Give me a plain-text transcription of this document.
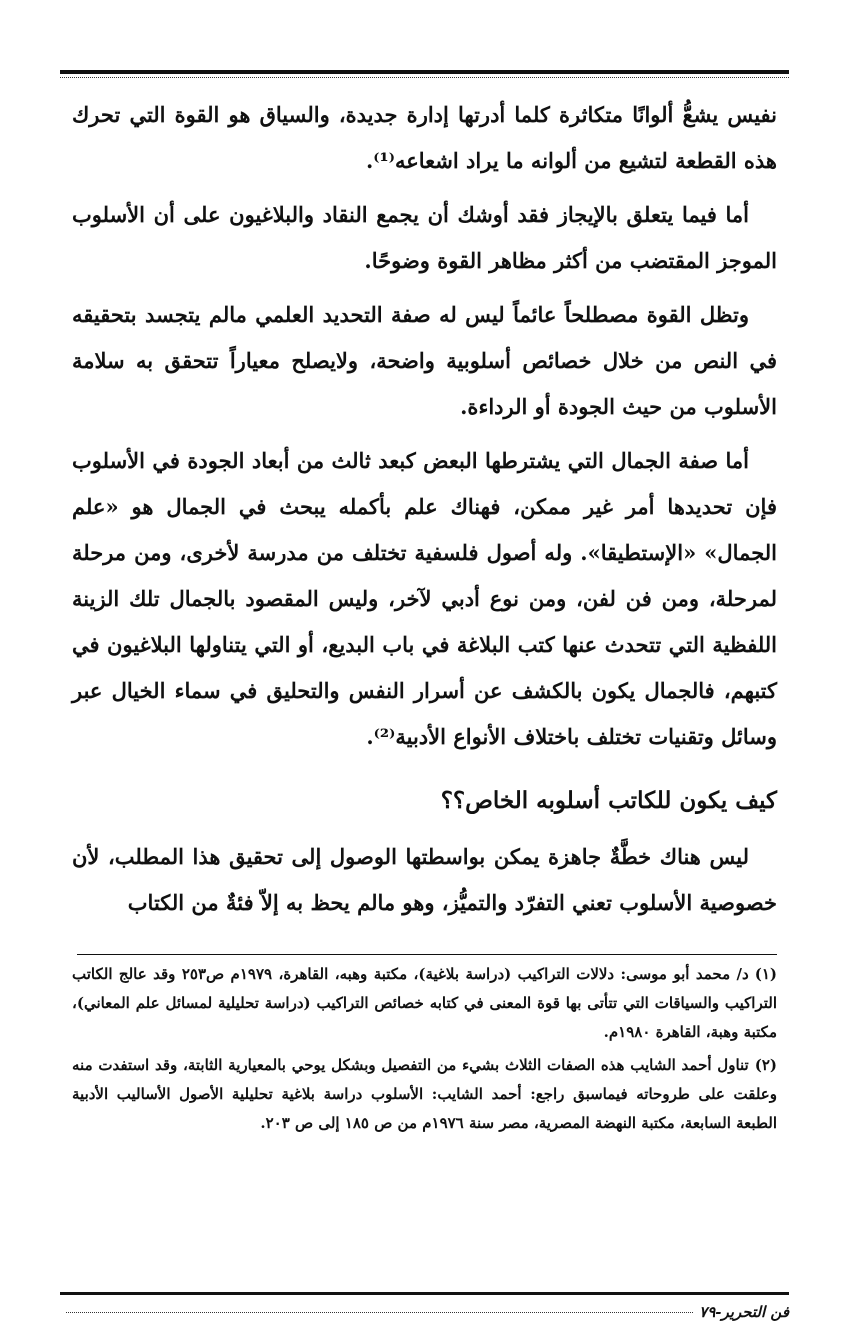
نفيس يشعُّ ألوانًا متكاثرة كلما أدرتها إدارة جديدة، والسياق هو القوة التي تحرك هذه القطعة لتشيع من ألوانه ما يراد اشعاعه⁽¹⁾.

أما فيما يتعلق بالإيجاز فقد أوشك أن يجمع النقاد والبلاغيون على أن الأسلوب الموجز المقتضب من أكثر مظاهر القوة وضوحًا.

وتظل القوة مصطلحاً عائماً ليس له صفة التحديد العلمي مالم يتجسد بتحقيقه في النص من خلال خصائص أسلوبية واضحة، ولايصلح معياراً تتحقق به سلامة الأسلوب من حيث الجودة أو الرداءة.

أما صفة الجمال التي يشترطها البعض كبعد ثالث من أبعاد الجودة في الأسلوب فإن تحديدها أمر غير ممكن، فهناك علم بأكمله يبحث في الجمال هو «علم الجمال» «الإستطيقا». وله أصول فلسفية تختلف من مدرسة لأخرى، ومن مرحلة لمرحلة، ومن فن لفن، ومن نوع أدبي لآخر، وليس المقصود بالجمال تلك الزينة اللفظية التي تتحدث عنها كتب البلاغة في باب البديع، أو التي يتناولها البلاغيون في كتبهم، فالجمال يكون بالكشف عن أسرار النفس والتحليق في سماء الخيال عبر وسائل وتقنيات تختلف باختلاف الأنواع الأدبية⁽²⁾.

كيف يكون للكاتب أسلوبه الخاص؟؟

ليس هناك خطَّةٌ جاهزة يمكن بواسطتها الوصول إلى تحقيق هذا المطلب، لأن خصوصية الأسلوب تعني التفرّد والتميُّز، وهو مالم يحظ به إلاّ فئةٌ من الكتاب

(١)د/ محمد أبو موسى: دلالات التراكيب (دراسة بلاغية)، مكتبة وهبه، القاهرة، ١٩٧٩م ص٢٥٣ وقد عالج الكاتب التراكيب والسياقات التي تتأتى بها قوة المعنى في كتابه خصائص التراكيب (دراسة تحليلية لمسائل علم المعاني)، مكتبة وهبة، القاهرة ١٩٨٠م.

(٢)تناول أحمد الشايب هذه الصفات الثلاث بشيء من التفصيل وبشكل يوحي بالمعيارية الثابتة، وقد استفدت منه وعلقت على طروحاته فيماسبق راجع: أحمد الشايب: الأسلوب دراسة بلاغية تحليلية الأصول الأساليب الأدبية الطبعة السابعة، مكتبة النهضة المصرية، مصر سنة ١٩٧٦م من ص ١٨٥ إلى ص ٢٠٣.

فن التحرير
-٧٩
